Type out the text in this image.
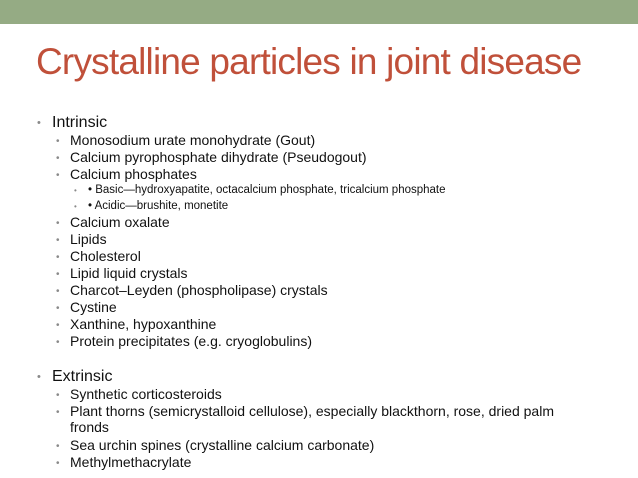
Crystalline particles in joint disease
• Intrinsic
• Monosodium urate monohydrate (Gout)
• Calcium pyrophosphate dihydrate (Pseudogout)
• Calcium phosphates
• • Basic—hydroxyapatite, octacalcium phosphate, tricalcium phosphate
• • Acidic—brushite, monetite
• Calcium oxalate
• Lipids
• Cholesterol
• Lipid liquid crystals
• Charcot–Leyden (phospholipase) crystals
• Cystine
• Xanthine, hypoxanthine
• Protein precipitates (e.g. cryoglobulins)
• Extrinsic
• Synthetic corticosteroids
• Plant thorns (semicrystalloid cellulose), especially blackthorn, rose, dried palm
fronds
• Sea urchin spines (crystalline calcium carbonate)
• Methylmethacrylate
